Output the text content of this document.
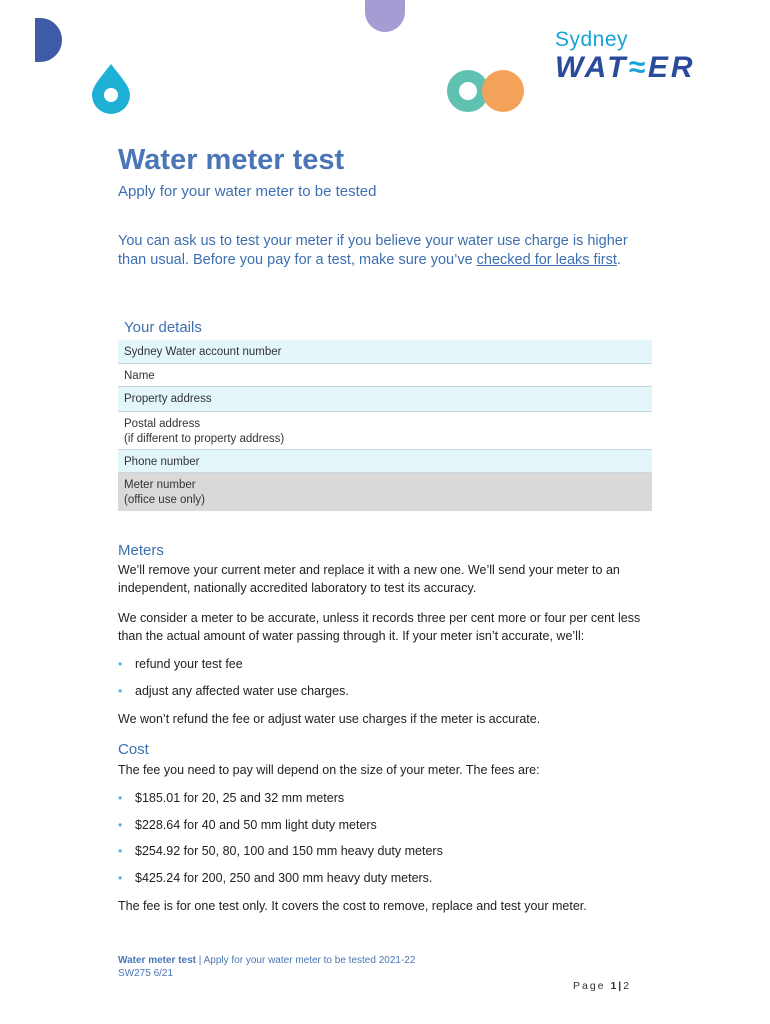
Sydney
WAT≈ER
Water meter test
Apply for your water meter to be tested
You can ask us to test your meter if you believe your water use charge is higher than usual. Before you pay for a test, make sure you’ve checked for leaks first.
Your details
Sydney Water account number
Name
Property address
Postal address
(if different to property address)
Phone number
Meter number
(office use only)
Meters
We’ll remove your current meter and replace it with a new one. We’ll send your meter to an independent, nationally accredited laboratory to test its accuracy.
We consider a meter to be accurate, unless it records three per cent more or four per cent less than the actual amount of water passing through it. If your meter isn’t accurate, we’ll:
• refund your test fee
• adjust any affected water use charges.
We won’t refund the fee or adjust water use charges if the meter is accurate.
Cost
The fee you need to pay will depend on the size of your meter. The fees are:
• $185.01 for 20, 25 and 32 mm meters
• $228.64 for 40 and 50 mm light duty meters
• $254.92 for 50, 80, 100 and 150 mm heavy duty meters
• $425.24 for 200, 250 and 300 mm heavy duty meters.
The fee is for one test only. It covers the cost to remove, replace and test your meter.
Water meter test | Apply for your water meter to be tested 2021-22
SW275 6/21
Page 1|2
